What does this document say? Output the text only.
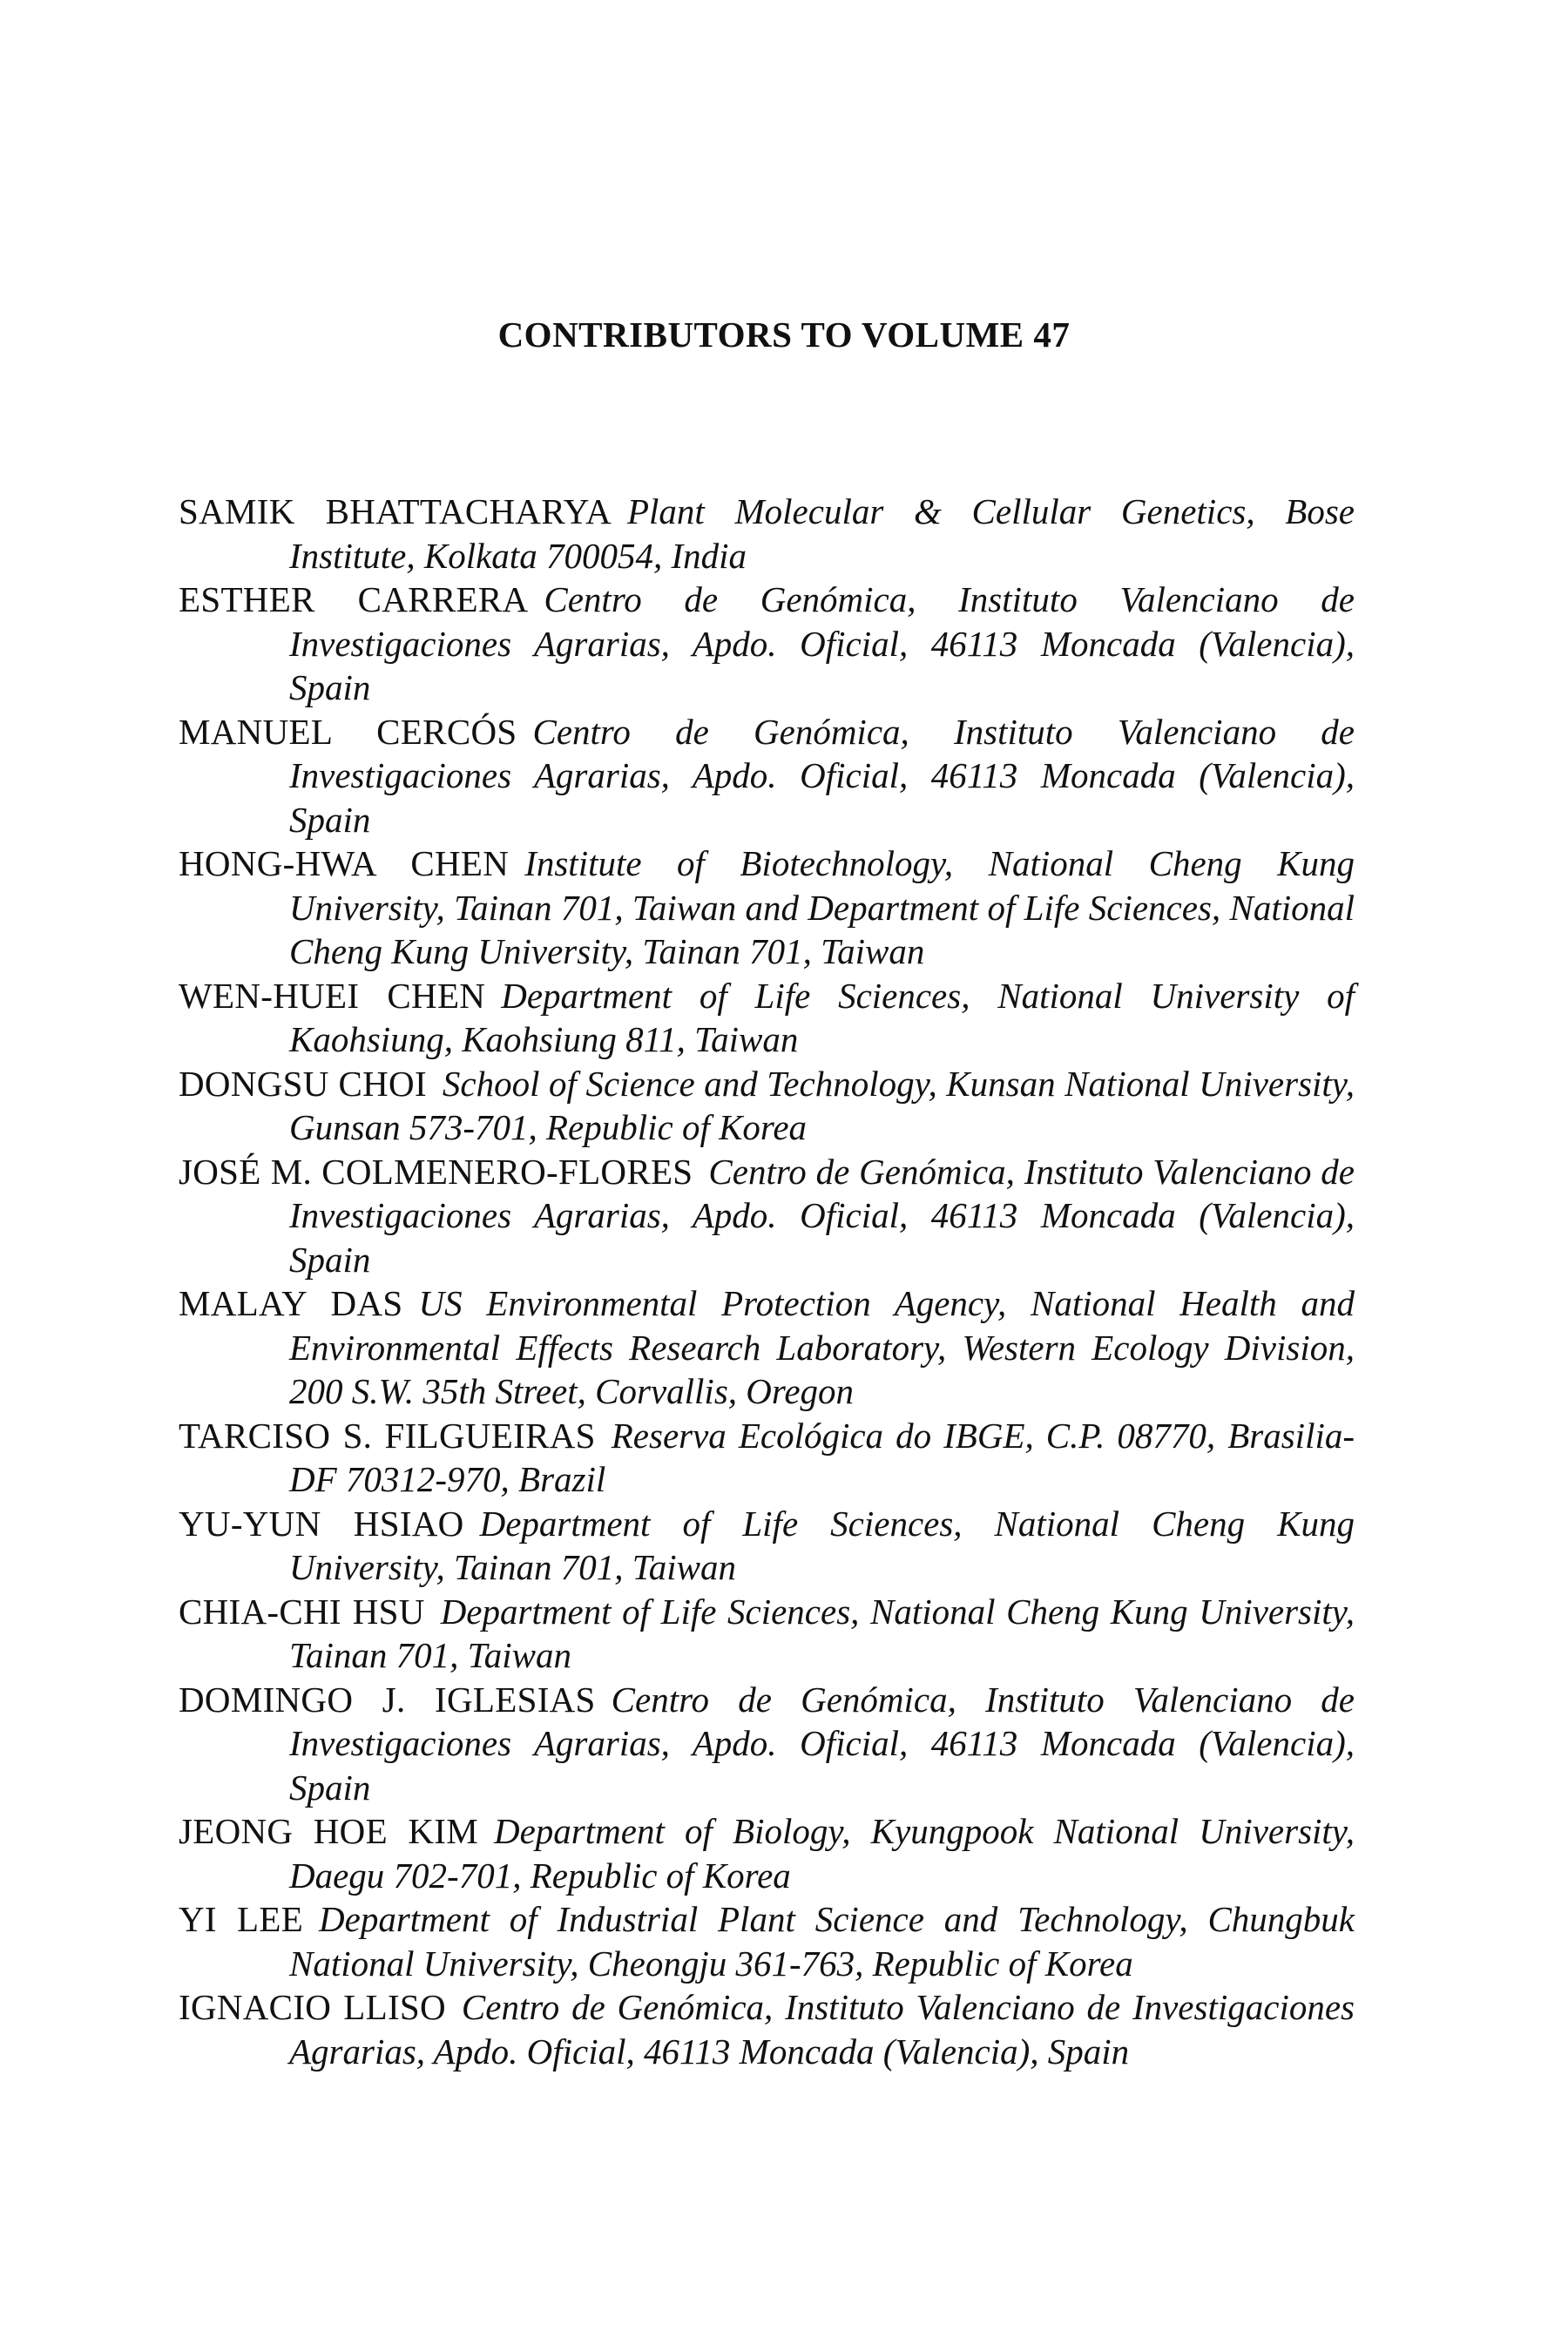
CONTRIBUTORS TO VOLUME 47
SAMIK BHATTACHARYA Plant Molecular & Cellular Genetics, Bose Institute, Kolkata 700054, India
ESTHER CARRERA Centro de Genómica, Instituto Valenciano de Investigaciones Agrarias, Apdo. Oficial, 46113 Moncada (Valencia), Spain
MANUEL CERCÓS Centro de Genómica, Instituto Valenciano de Investigaciones Agrarias, Apdo. Oficial, 46113 Moncada (Valencia), Spain
HONG-HWA CHEN Institute of Biotechnology, National Cheng Kung University, Tainan 701, Taiwan and Department of Life Sciences, National Cheng Kung University, Tainan 701, Taiwan
WEN-HUEI CHEN Department of Life Sciences, National University of Kaohsiung, Kaohsiung 811, Taiwan
DONGSU CHOI School of Science and Technology, Kunsan National University, Gunsan 573-701, Republic of Korea
JOSÉ M. COLMENERO-FLORES Centro de Genómica, Instituto Valenciano de Investigaciones Agrarias, Apdo. Oficial, 46113 Moncada (Valencia), Spain
MALAY DAS US Environmental Protection Agency, National Health and Environmental Effects Research Laboratory, Western Ecology Division, 200 S.W. 35th Street, Corvallis, Oregon
TARCISO S. FILGUEIRAS Reserva Ecológica do IBGE, C.P. 08770, Brasilia-DF 70312-970, Brazil
YU-YUN HSIAO Department of Life Sciences, National Cheng Kung University, Tainan 701, Taiwan
CHIA-CHI HSU Department of Life Sciences, National Cheng Kung University, Tainan 701, Taiwan
DOMINGO J. IGLESIAS Centro de Genómica, Instituto Valenciano de Investigaciones Agrarias, Apdo. Oficial, 46113 Moncada (Valencia), Spain
JEONG HOE KIM Department of Biology, Kyungpook National University, Daegu 702-701, Republic of Korea
YI LEE Department of Industrial Plant Science and Technology, Chungbuk National University, Cheongju 361-763, Republic of Korea
IGNACIO LLISO Centro de Genómica, Instituto Valenciano de Investigaciones Agrarias, Apdo. Oficial, 46113 Moncada (Valencia), Spain
